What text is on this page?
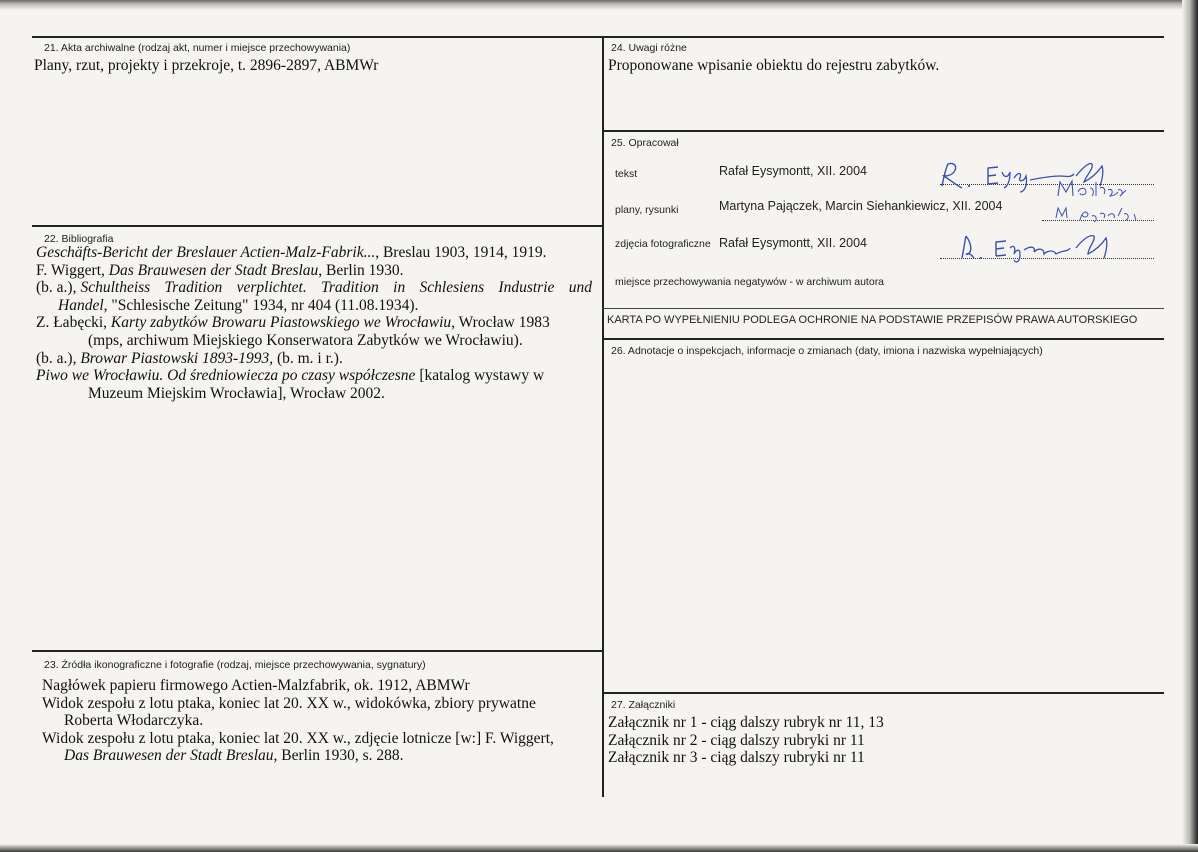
21. Akta archiwalne (rodzaj akt, numer i miejsce przechowywania)
Plany, rzut, projekty i przekroje, t. 2896-2897, ABMWr
22. Bibliografia
Geschäfts-Bericht der Breslauer Actien-Malz-Fabrik..., Breslau 1903, 1914, 1919.
F. Wiggert, Das Brauwesen der Stadt Breslau, Berlin 1930.
(b. a.), Schultheiss Tradition verplichtet. Tradition in Schlesiens Industrie und
Handel, "Schlesische Zeitung" 1934, nr 404 (11.08.1934).
Z. Łabęcki, Karty zabytków Browaru Piastowskiego we Wrocławiu, Wrocław 1983
(mps, archiwum Miejskiego Konserwatora Zabytków we Wrocławiu).
(b. a.), Browar Piastowski 1893-1993, (b. m. i r.).
Piwo we Wrocławiu. Od średniowiecza po czasy współczesne [katalog wystawy w
Muzeum Miejskim Wrocławia], Wrocław 2002.
23. Źródła ikonograficzne i fotografie (rodzaj, miejsce przechowywania, sygnatury)
Nagłówek papieru firmowego Actien-Malzfabrik, ok. 1912, ABMWr
Widok zespołu z lotu ptaka, koniec lat 20. XX w., widokówka, zbiory prywatne
Roberta Włodarczyka.
Widok zespołu z lotu ptaka, koniec lat 20. XX w., zdjęcie lotnicze [w:] F. Wiggert,
Das Brauwesen der Stadt Breslau, Berlin 1930, s. 288.
24. Uwagi różne
Proponowane wpisanie obiektu do rejestru zabytków.
25. Opracował
tekst	Rafał Eysymontt, XII. 2004
plany, rysunki	Martyna Pajączek, Marcin Siehankiewicz, XII. 2004
zdjęcia fotograficzne Rafał Eysymontt, XII. 2004
miejsce przechowywania negatywów - w archiwum autora
KARTA PO WYPEŁNIENIU PODLEGA OCHRONIE NA PODSTAWIE PRZEPISÓW PRAWA AUTORSKIEGO
26. Adnotacje o inspekcjach, informacje o zmianach (daty, imiona i nazwiska wypełniających)
27. Załączniki
Załącznik nr 1 - ciąg dalszy rubryk nr 11, 13
Załącznik nr 2 - ciąg dalszy rubryki nr 11
Załącznik nr 3 - ciąg dalszy rubryki nr 11
